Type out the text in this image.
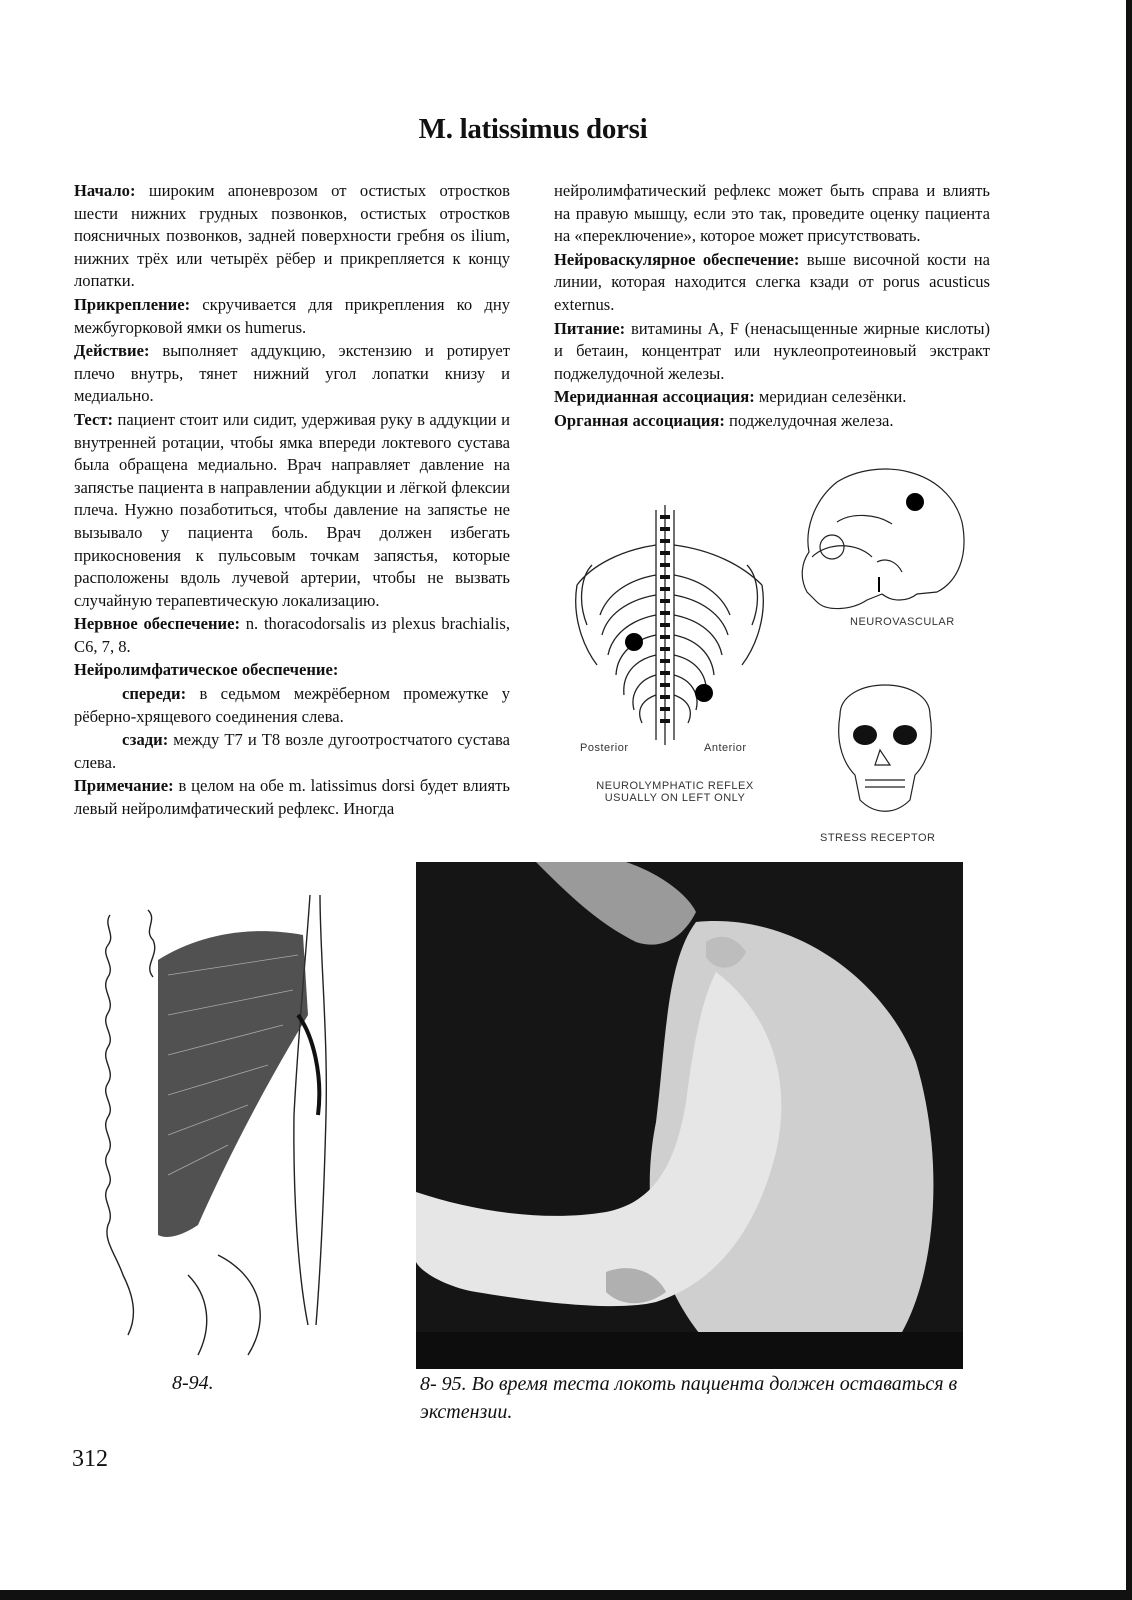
M. latissimus dorsi

Начало: широким апоневрозом от остистых отростков шести нижних грудных позвонков, остистых отростков поясничных позвонков, задней поверхности гребня os ilium, нижних трёх или четырёх рёбер и прикрепляется к концу лопатки.

Прикрепление: скручивается для прикрепления ко дну межбугорковой ямки os humerus.

Действие: выполняет аддукцию, экстензию и ротирует плечо внутрь, тянет нижний угол лопатки книзу и медиально.

Тест: пациент стоит или сидит, удерживая руку в аддукции и внутренней ротации, чтобы ямка впереди локтевого сустава была обращена медиально. Врач направляет давление на запястье пациента в направлении абдукции и лёгкой флексии плеча. Нужно позаботиться, чтобы давление на запястье не вызывало у пациента боль. Врач должен избегать прикосновения к пульсовым точкам запястья, которые расположены вдоль лучевой артерии, чтобы не вызвать случайную терапевтическую локализацию.

Нервное обеспечение: n. thoracodorsalis из plexus brachialis, C6, 7, 8.

Нейролимфатическое обеспечение:

спереди: в седьмом межрёберном промежутке у рёберно-хрящевого соединения слева.

сзади: между T7 и T8 возле дугоотростчатого сустава слева.

Примечание: в целом на обе m. latissimus dorsi будет влиять левый нейролимфатический рефлекс. Иногда

нейролимфатический рефлекс может быть справа и влиять на правую мышцу, если это так, проведите оценку пациента на «переключение», которое может присутствовать.

Нейроваскулярное обеспечение: выше височной кости на линии, которая находится слегка кзади от porus acusticus externus.

Питание: витамины A, F (ненасыщенные жирные кислоты) и бетаин, концентрат или нуклеопротеиновый экстракт поджелудочной железы.

Меридианная ассоциация: меридиан селезёнки.

Органная ассоциация: поджелудочная железа.

Posterior	Anterior
NEUROLYMPHATIC REFLEX
USUALLY ON LEFT ONLY
NEUROVASCULAR
STRESS RECEPTOR
8-94.	8- 95. Во время теста локоть пациента должен оставаться в экстензии.
312
